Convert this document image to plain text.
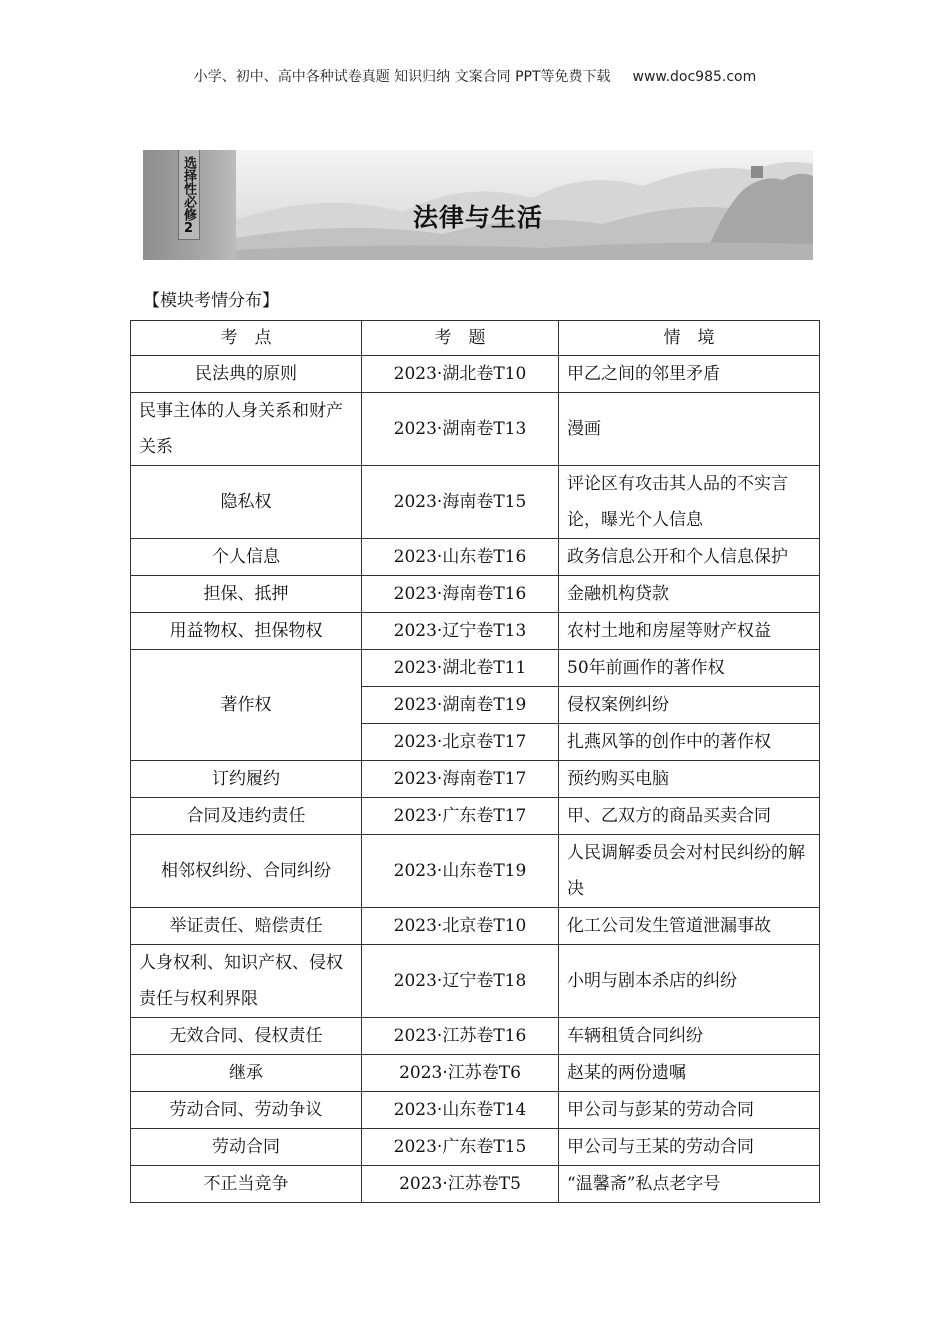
小学、初中、高中各种试卷真题 知识归纳 文案合同 PPT等免费下载 www.doc985.com
选择性必修2	法律与生活
【模块考情分布】
考　点	考　题	情　境
民法典的原则	2023·湖北卷T10	甲乙之间的邻里矛盾
民事主体的人身关系和财产关系	2023·湖南卷T13	漫画
隐私权	2023·海南卷T15	评论区有攻击其人品的不实言论，曝光个人信息
个人信息	2023·山东卷T16	政务信息公开和个人信息保护
担保、抵押	2023·海南卷T16	金融机构贷款
用益物权、担保物权	2023·辽宁卷T13	农村土地和房屋等财产权益
著作权	2023·湖北卷T11	50年前画作的著作权
	2023·湖南卷T19	侵权案例纠纷
	2023·北京卷T17	扎燕风筝的创作中的著作权
订约履约	2023·海南卷T17	预约购买电脑
合同及违约责任	2023·广东卷T17	甲、乙双方的商品买卖合同
相邻权纠纷、合同纠纷	2023·山东卷T19	人民调解委员会对村民纠纷的解决
举证责任、赔偿责任	2023·北京卷T10	化工公司发生管道泄漏事故
人身权利、知识产权、侵权责任与权利界限	2023·辽宁卷T18	小明与剧本杀店的纠纷
无效合同、侵权责任	2023·江苏卷T16	车辆租赁合同纠纷
继承	2023·江苏卷T6	赵某的两份遗嘱
劳动合同、劳动争议	2023·山东卷T14	甲公司与彭某的劳动合同
劳动合同	2023·广东卷T15	甲公司与王某的劳动合同
不正当竞争	2023·江苏卷T5	“温馨斋”私点老字号
